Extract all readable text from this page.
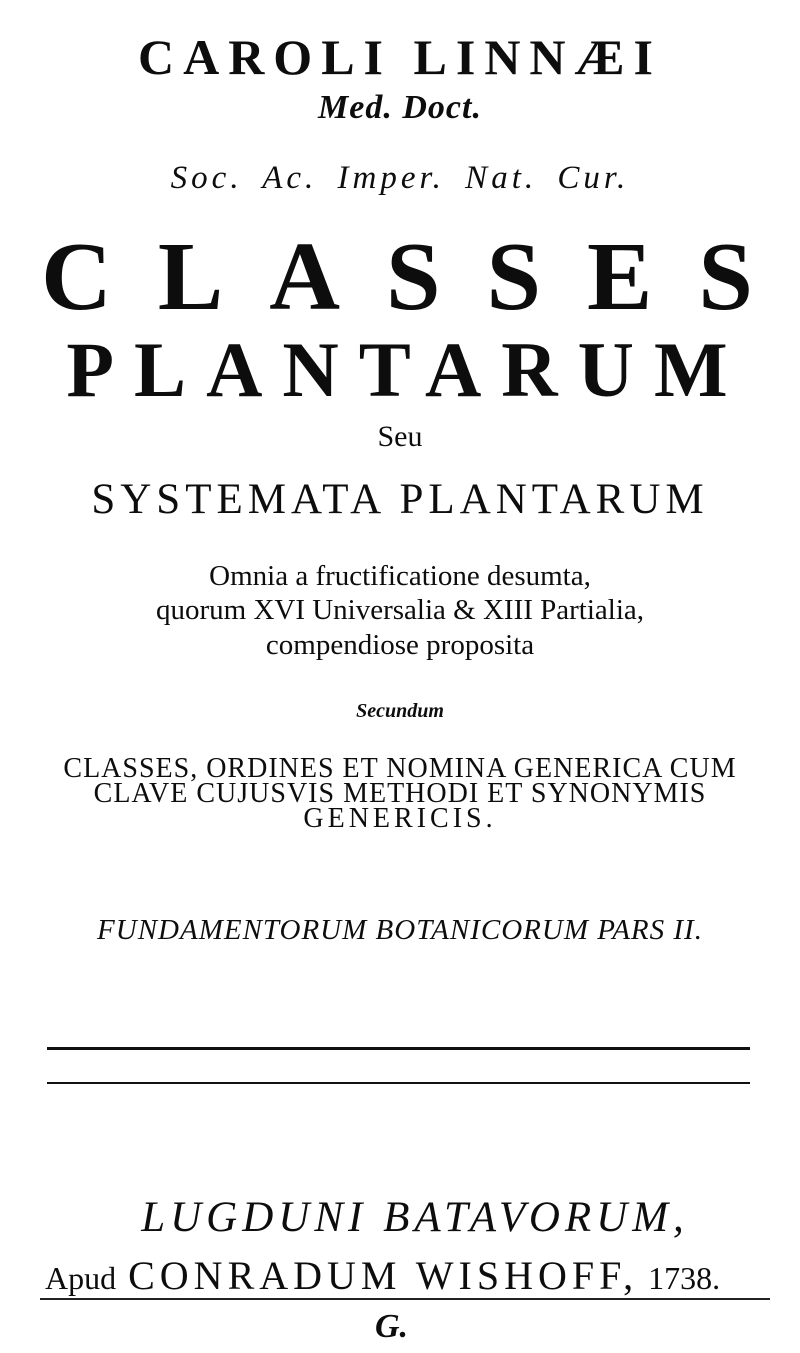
CAROLI LINNÆI
Med. Doct.
Soc. Ac. Imper. Nat. Cur.
CLASSES
PLANTARUM
Seu
SYSTEMATA PLANTARUM
Omnia a fructificatione desumta,
quorum XVI Universalia & XIII Partialia,
compendiose proposita
Secundum
CLASSES, ORDINES ET NOMINA GENERICA CUM
CLAVE CUJUSVIS METHODI ET SYNONYMIS
GENERICIS.
FUNDAMENTORUM BOTANICORUM PARS II.
LUGDUNI BATAVORUM,
Apud CONRADUM WISHOFF, 1738.
G.
